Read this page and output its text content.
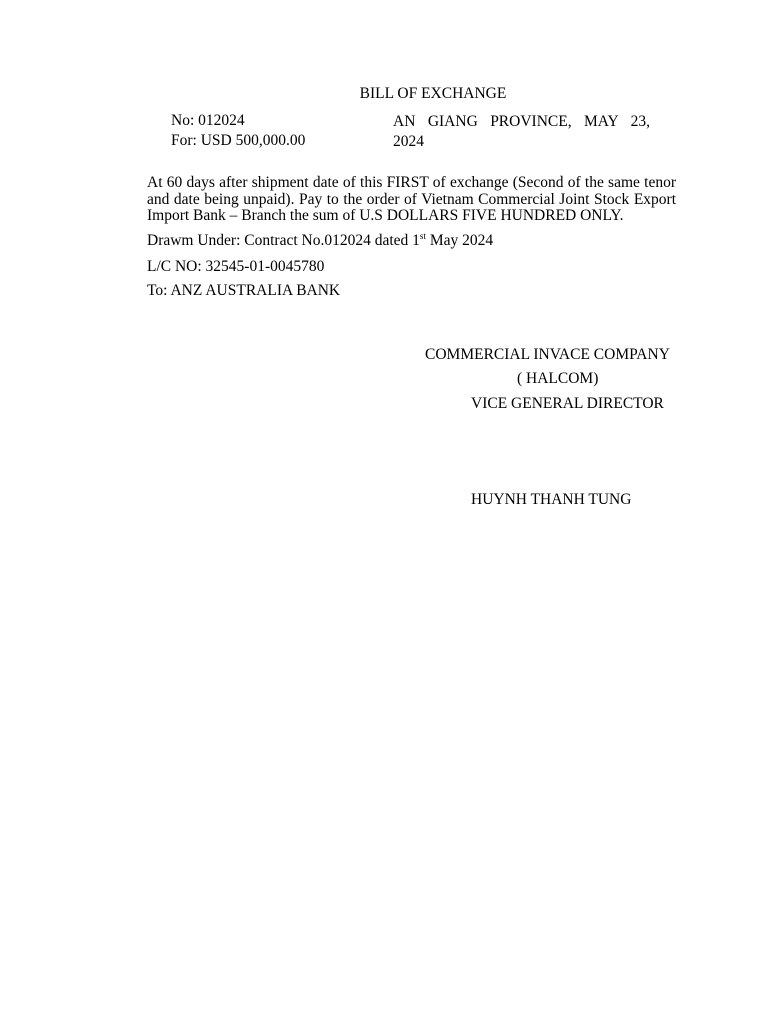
BILL OF EXCHANGE
No: 012024
For: USD 500,000.00
AN GIANG PROVINCE, MAY 23, 2024
At 60 days after shipment date of this FIRST of exchange (Second of the same tenor and date being unpaid). Pay to the order of Vietnam Commercial Joint Stock Export Import Bank – Branch the sum of U.S DOLLARS FIVE HUNDRED ONLY.
Drawm Under: Contract No.012024 dated 1st May 2024
L/C NO: 32545-01-0045780
To: ANZ AUSTRALIA BANK
COMMERCIAL INVACE COMPANY
( HALCOM)
VICE GENERAL DIRECTOR
HUYNH THANH TUNG
